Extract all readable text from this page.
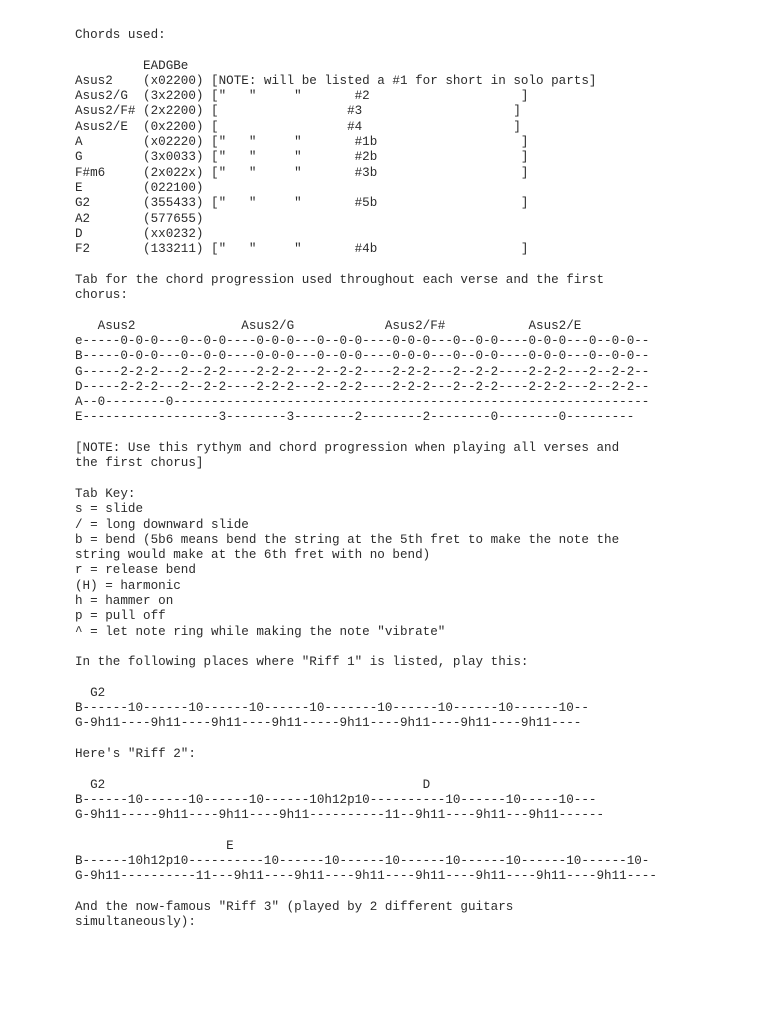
Chords used:

EADGBe
Asus2    (x02200) [NOTE: will be listed a #1 for short in solo parts]
Asus2/G  (3x2200) ["   "     "       #2                    ]
Asus2/F# (2x2200) [                 #3                    ]
Asus2/E  (0x2200) [                 #4                    ]
A        (x02220) ["   "     "       #1b                   ]
G        (3x0033) ["   "     "       #2b                   ]
F#m6     (2x022x) ["   "     "       #3b                   ]
E        (022100)
G2       (355433) ["   "     "       #5b                   ]
A2       (577655)
D        (xx0232)
F2       (133211) ["   "     "       #4b                   ]

Tab for the chord progression used throughout each verse and the first
chorus:

Asus2              Asus2/G            Asus2/F#           Asus2/E
e-----0-0-0---0--0-0----0-0-0---0--0-0----0-0-0---0--0-0----0-0-0---0--0-0--
B-----0-0-0---0--0-0----0-0-0---0--0-0----0-0-0---0--0-0----0-0-0---0--0-0--
G-----2-2-2---2--2-2----2-2-2---2--2-2----2-2-2---2--2-2----2-2-2---2--2-2--
D-----2-2-2---2--2-2----2-2-2---2--2-2----2-2-2---2--2-2----2-2-2---2--2-2--
A--0--------0---------------------------------------------------------------
E------------------3--------3--------2--------2--------0--------0---------

[NOTE: Use this rythym and chord progression when playing all verses and
the first chorus]

Tab Key:
s = slide
/ = long downward slide
b = bend (5b6 means bend the string at the 5th fret to make the note the
string would make at the 6th fret with no bend)
r = release bend
(H) = harmonic
h = hammer on
p = pull off
^ = let note ring while making the note "vibrate"

In the following places where "Riff 1" is listed, play this:

G2
B------10------10------10------10-------10------10------10------10--
G-9h11----9h11----9h11----9h11-----9h11----9h11----9h11----9h11----

Here's "Riff 2":

G2                                          D
B------10------10------10------10h12p10----------10------10-----10---
G-9h11-----9h11----9h11----9h11----------11--9h11----9h11---9h11------

E
B------10h12p10----------10------10------10------10------10------10------10-
G-9h11----------11---9h11----9h11----9h11----9h11----9h11----9h11----9h11----

And the now-famous "Riff 3" (played by 2 different guitars
simultaneously):
